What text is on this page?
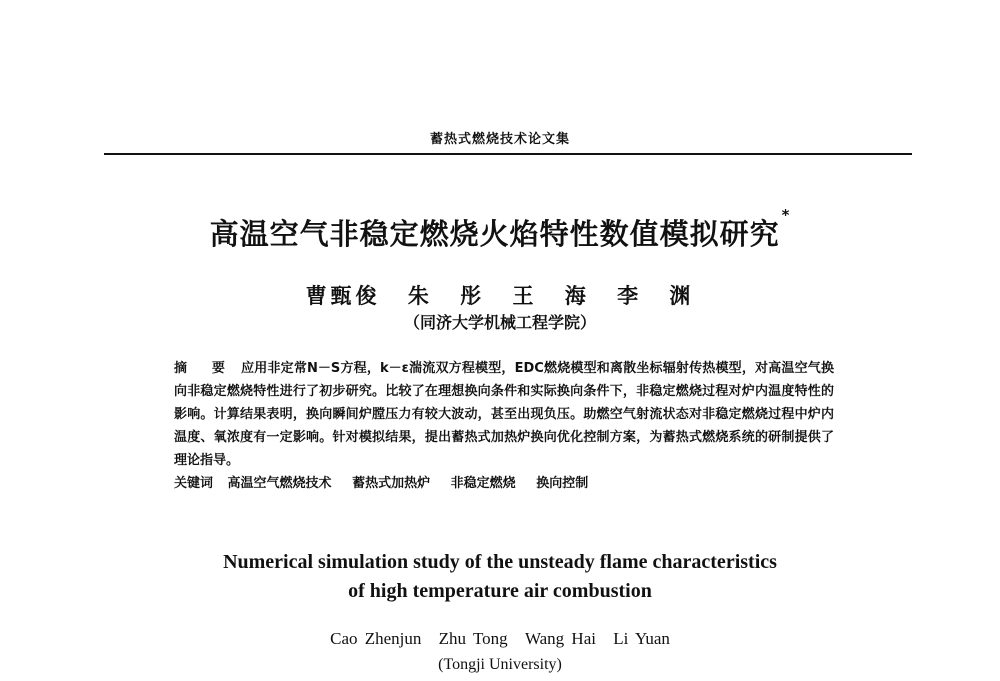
蓄热式燃烧技术论文集
高温空气非稳定燃烧火焰特性数值模拟研究*
曹甄俊 朱 彤 王 海 李 渊
（同济大学机械工程学院）
摘 要 应用非定常N－S方程，k－ε湍流双方程模型，EDC燃烧模型和离散坐标辐射传热模型，对高温空气换向非稳定燃烧特性进行了初步研究。比较了在理想换向条件和实际换向条件下，非稳定燃烧过程对炉内温度特性的影响。计算结果表明，换向瞬间炉膛压力有较大波动，甚至出现负压。助燃空气射流状态对非稳定燃烧过程中炉内温度、氧浓度有一定影响。针对模拟结果，提出蓄热式加热炉换向优化控制方案，为蓄热式燃烧系统的研制提供了理论指导。
关键词 高温空气燃烧技术 蓄热式加热炉 非稳定燃烧 换向控制
Numerical simulation study of the unsteady flame characteristics
of high temperature air combustion
Cao Zhenjun Zhu Tong Wang Hai Li Yuan
(Tongji University)
